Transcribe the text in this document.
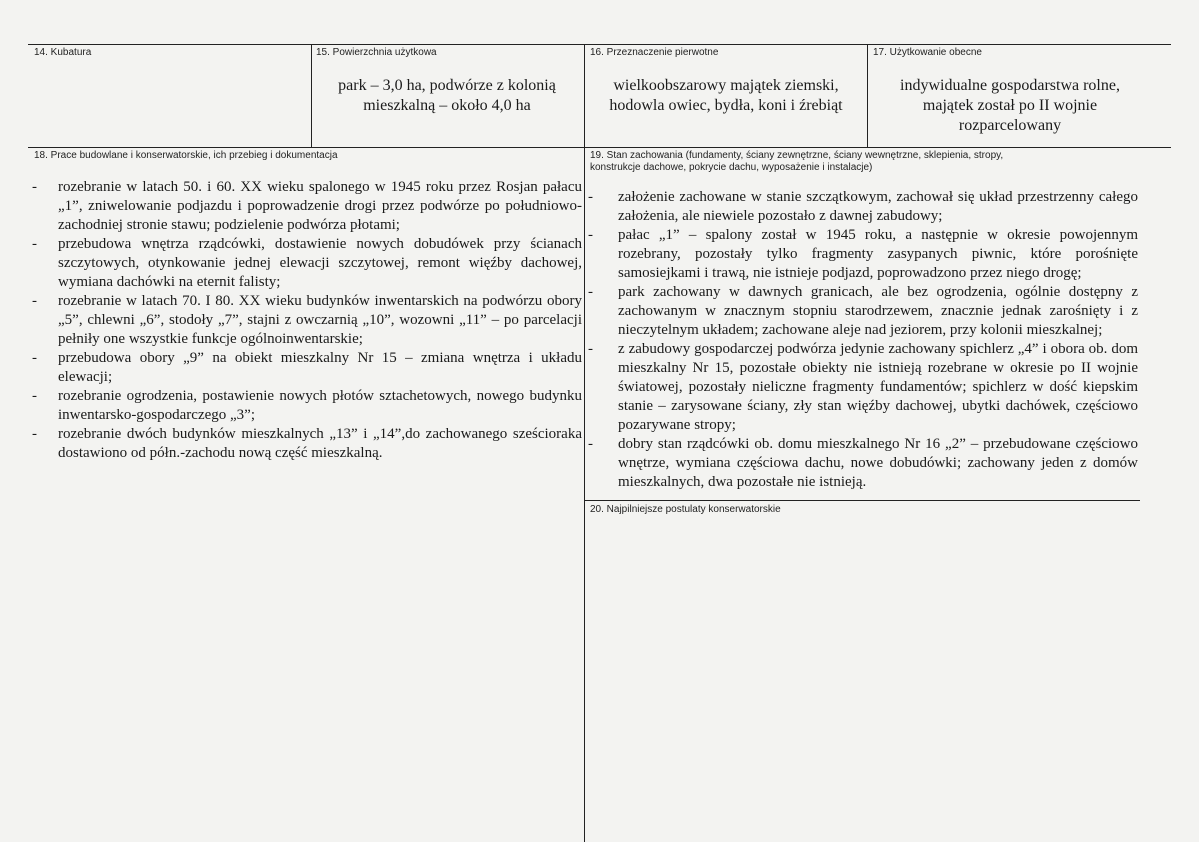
14. Kubatura	15. Powierzchnia użytkowa
park – 3,0 ha, podwórze z kolonią mieszkalną – około 4,0 ha
16. Przeznaczenie pierwotne
wielkoobszarowy majątek ziemski, hodowla owiec, bydła, koni i źrebiąt
17. Użytkowanie obecne
indywidualne gospodarstwa rolne, majątek został po II wojnie rozparcelowany
18. Prace budowlane i konserwatorskie, ich przebieg i dokumentacja
- rozebranie w latach 50. i 60. XX wieku spalonego w 1945 roku przez Rosjan pałacu „1”, zniwelowanie podjazdu i poprowadzenie drogi przez podwórze po południowo-zachodniej stronie stawu; podzielenie podwórza płotami;
- przebudowa wnętrza rządcówki, dostawienie nowych dobudówek przy ścianach szczytowych, otynkowanie jednej elewacji szczytowej, remont więźby dachowej, wymiana dachówki na eternit falisty;
- rozebranie w latach 70. I 80. XX wieku budynków inwentarskich na podwórzu obory „5”, chlewni „6”, stodoły „7”, stajni z owczarnią „10”, wozowni „11” – po parcelacji pełniły one wszystkie funkcje ogólnoinwentarskie;
- przebudowa obory „9” na obiekt mieszkalny Nr 15 – zmiana wnętrza i układu elewacji;
- rozebranie ogrodzenia, postawienie nowych płotów sztachetowych, nowego budynku inwentarsko-gospodarczego „3”;
- rozebranie dwóch budynków mieszkalnych „13” i „14”,do zachowanego sześcioraka dostawiono od półn.-zachodu nową część mieszkalną.
19. Stan zachowania (fundamenty, ściany zewnętrzne, ściany wewnętrzne, sklepienia, stropy,
konstrukcje dachowe, pokrycie dachu, wyposażenie i instalacje)
- założenie zachowane w stanie szczątkowym, zachował się układ przestrzenny całego założenia, ale niewiele pozostało z dawnej zabudowy;
- pałac „1” – spalony został w 1945 roku, a następnie w okresie powojennym rozebrany, pozostały tylko fragmenty zasypanych piwnic, które porośnięte samosiejkami i trawą, nie istnieje podjazd, poprowadzono przez niego drogę;
- park zachowany w dawnych granicach, ale bez ogrodzenia, ogólnie dostępny z zachowanym w znacznym stopniu starodrzewem, znacznie jednak zarośnięty i z nieczytelnym układem; zachowane aleje nad jeziorem, przy kolonii mieszkalnej;
- z zabudowy gospodarczej podwórza jedynie zachowany spichlerz „4” i obora ob. dom mieszkalny Nr 15, pozostałe obiekty nie istnieją rozebrane w okresie po II wojnie światowej, pozostały nieliczne fragmenty fundamentów; spichlerz w dość kiepskim stanie – zarysowane ściany, zły stan więźby dachowej, ubytki dachówek, częściowo pozarywane stropy;
- dobry stan rządcówki ob. domu mieszkalnego Nr 16 „2” – przebudowane częściowo wnętrze, wymiana częściowa dachu, nowe dobudówki; zachowany jeden z domów mieszkalnych, dwa pozostałe nie istnieją.
20. Najpilniejsze postulaty konserwatorskie
